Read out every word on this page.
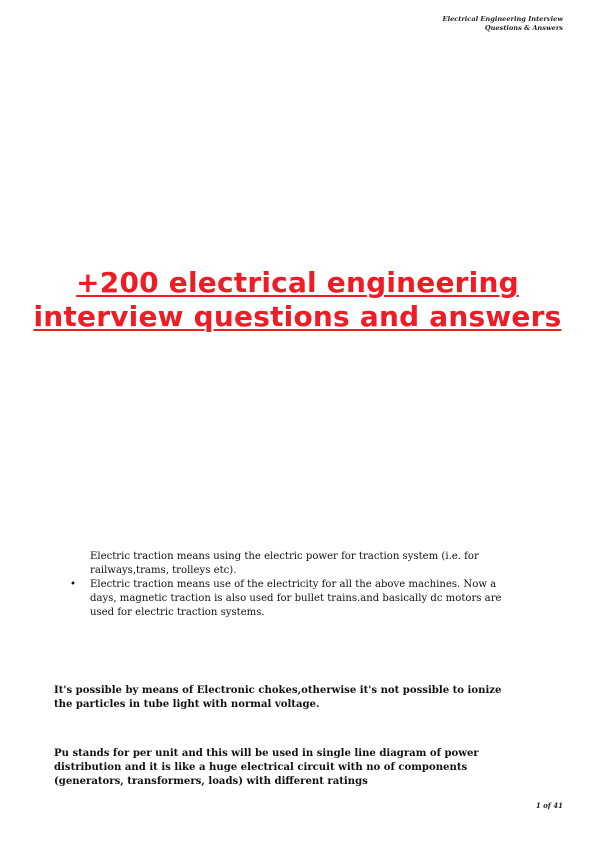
Electrical Engineering Interview
Questions & Answers
+200 electrical engineering interview questions and answers
Electric traction means using the electric power for traction system (i.e. for railways,trams, trolleys etc).
•	Electric traction means use of the electricity for all the above machines. Now a days, magnetic traction is also used for bullet trains.and basically dc motors are used for electric traction systems.
It's possible by means of Electronic chokes,otherwise it's not possible to ionize the particles in tube light with normal voltage.
Pu stands for per unit and this will be used in single line diagram of power distribution and it is like a huge electrical circuit with no of components (generators, transformers, loads) with different ratings
1 of 41
